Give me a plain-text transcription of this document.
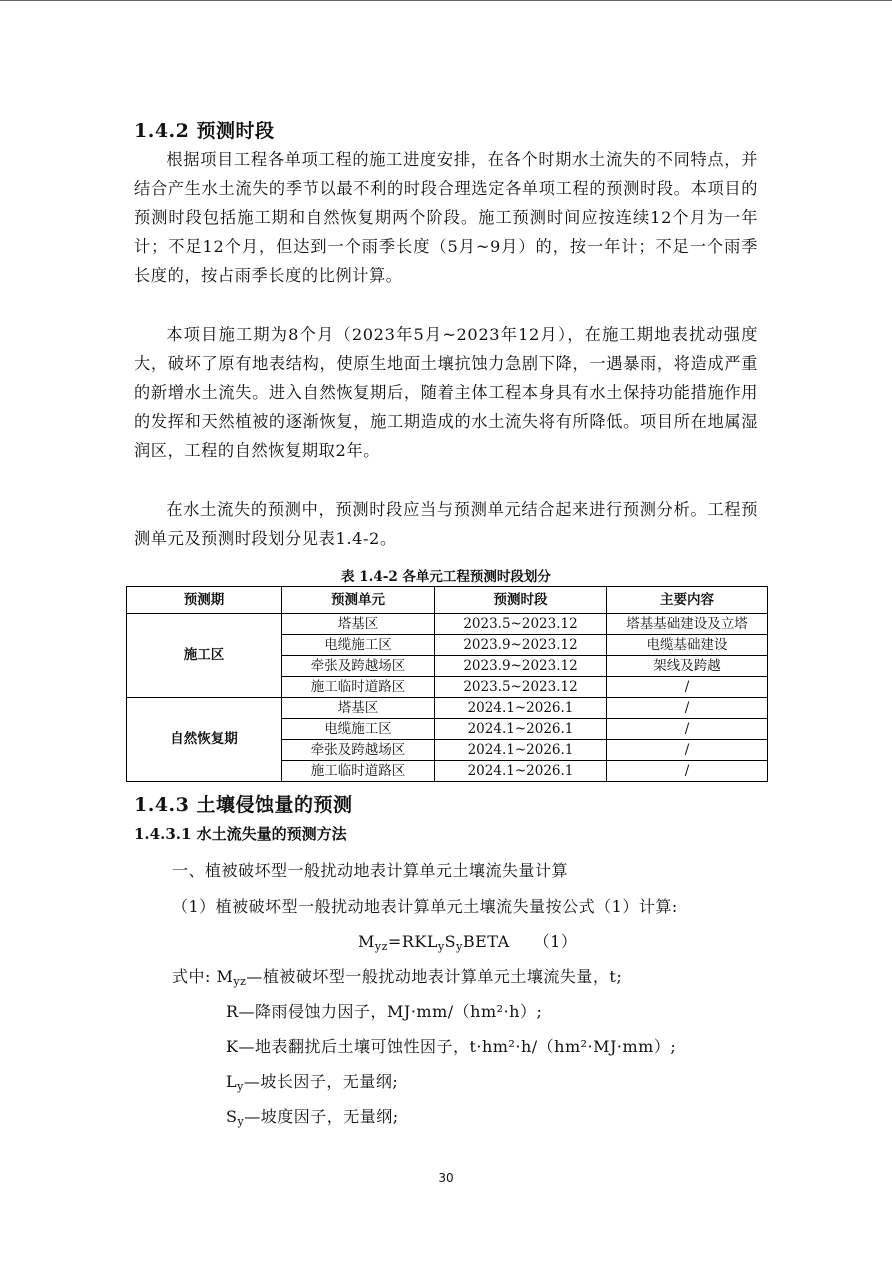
1.4.2 预测时段
根据项目工程各单项工程的施工进度安排，在各个时期水土流失的不同特点，并结合产生水土流失的季节以最不利的时段合理选定各单项工程的预测时段。本项目的预测时段包括施工期和自然恢复期两个阶段。施工预测时间应按连续12个月为一年计；不足12个月，但达到一个雨季长度（5月~9月）的，按一年计；不足一个雨季长度的，按占雨季长度的比例计算。
本项目施工期为8个月（2023年5月~2023年12月），在施工期地表扰动强度大，破坏了原有地表结构，使原生地面土壤抗蚀力急剧下降，一遇暴雨，将造成严重的新增水土流失。进入自然恢复期后，随着主体工程本身具有水土保持功能措施作用的发挥和天然植被的逐渐恢复，施工期造成的水土流失将有所降低。项目所在地属湿润区，工程的自然恢复期取2年。
在水土流失的预测中，预测时段应当与预测单元结合起来进行预测分析。工程预测单元及预测时段划分见表1.4-2。
表 1.4-2 各单元工程预测时段划分
预测期	预测单元	预测时段	主要内容
施工区	塔基区	2023.5~2023.12	塔基基础建设及立塔
	电缆施工区	2023.9~2023.12	电缆基础建设
	牵张及跨越场区	2023.9~2023.12	架线及跨越
	施工临时道路区	2023.5~2023.12	/
自然恢复期	塔基区	2024.1~2026.1	/
	电缆施工区	2024.1~2026.1	/
	牵张及跨越场区	2024.1~2026.1	/
	施工临时道路区	2024.1~2026.1	/
1.4.3 土壤侵蚀量的预测
1.4.3.1 水土流失量的预测方法
一、植被破坏型一般扰动地表计算单元土壤流失量计算
（1）植被破坏型一般扰动地表计算单元土壤流失量按公式（1）计算:
$M_{yz}=RKL_yS_yBETA$ （1）
式中: $M_{yz}—$植被破坏型一般扰动地表计算单元土壤流失量，t;
R—降雨侵蚀力因子，MJ·mm/（hm²·h）;
K—地表翻扰后土壤可蚀性因子，t·hm²·h/（hm²·MJ·mm）;
$L_y—$坡长因子，无量纲;
$S_y—$坡度因子，无量纲;
30
